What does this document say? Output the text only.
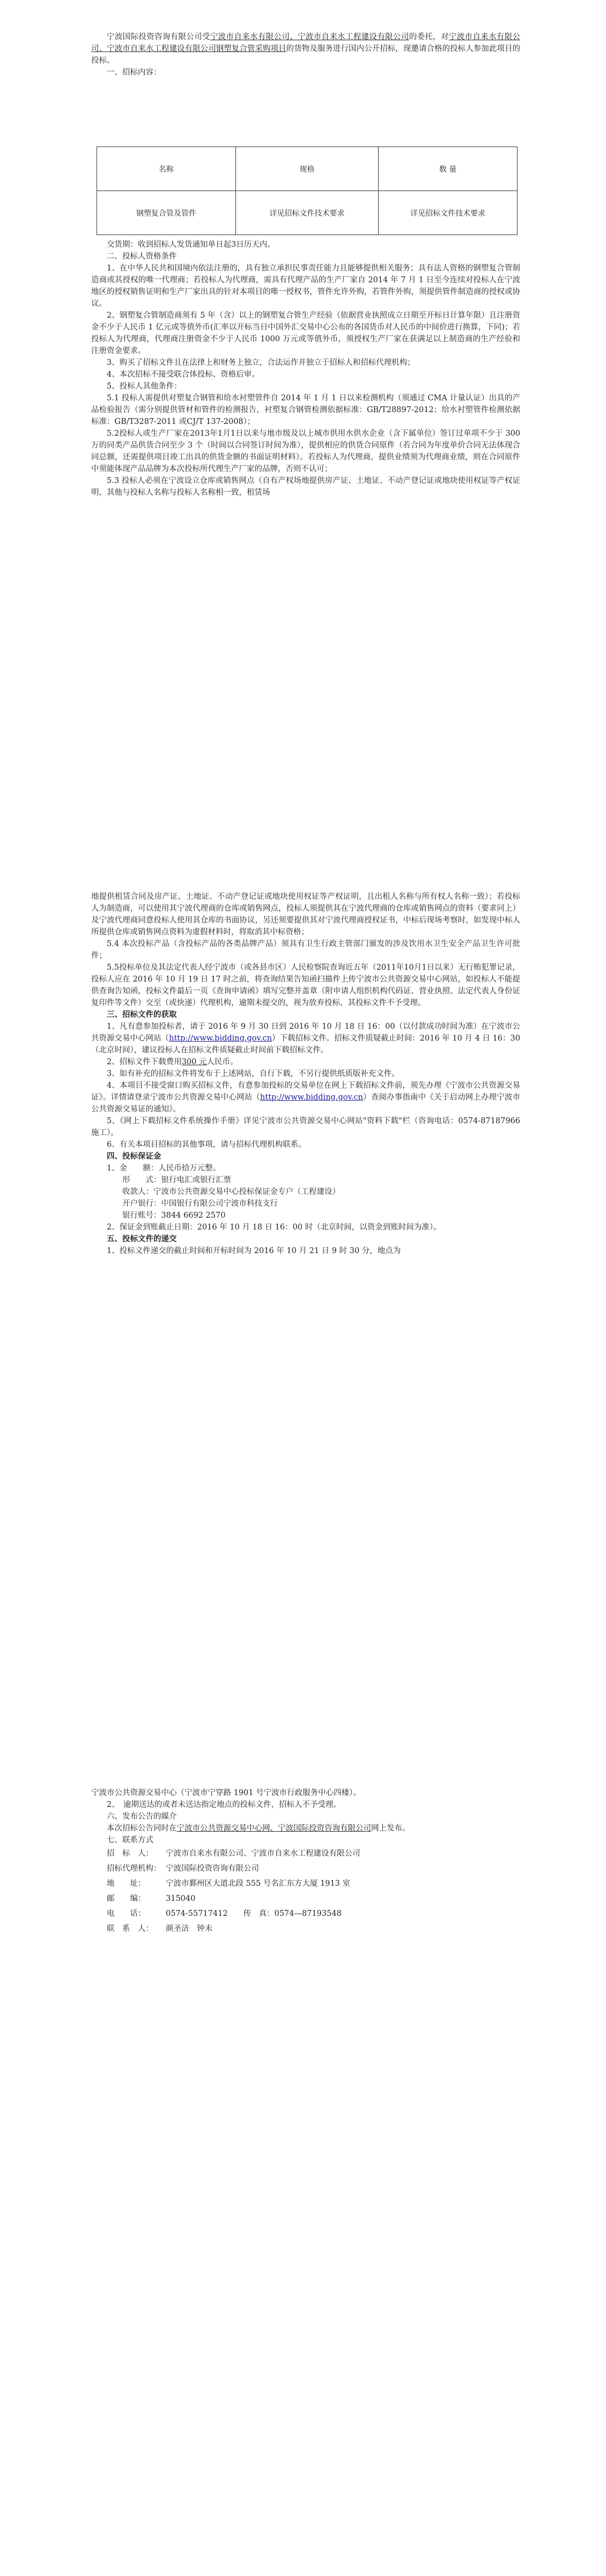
宁波国际投资咨询有限公司受宁波市自来水有限公司、宁波市自来水工程建设有限公司的委托，对宁波市自来水有限公司、宁波市自来水工程建设有限公司钢塑复合管采购项目的货物及服务进行国内公开招标，现邀请合格的投标人参加此项目的投标。

一、招标内容：

名称	规格	数 量
钢塑复合管及管件	详见招标文件技术要求	详见招标文件技术要求

交货期：收到招标人发货通知单日起3日历天内。

二、投标人资格条件

1、在中华人民共和国境内依法注册的，具有独立承担民事责任能力且能够提供相关服务；具有法人资格的钢塑复合管制造商或其授权的唯一代理商；若投标人为代理商，需具有代理产品的生产厂家自 2014 年 7 月 1 日至今连续对投标人在宁波地区的授权销售证明和生产厂家出具的针对本项目的唯一授权书，管件允许外购，若管件外购，须提供管件制造商的授权或协议。

2、钢塑复合管制造商须有 5 年（含）以上的钢塑复合管生产经验（依据营业执照成立日期至开标日计算年限）且注册资金不少于人民币 1 亿元或等值外币(汇率以开标当日中国外汇交易中心公布的各国货币对人民币的中间价进行换算，下同)；若投标人为代理商，代理商注册资金不少于人民币 1000 万元或等值外币，须授权生产厂家在获满足以上制造商的生产经验和注册资金要求。

3、购买了招标文件且在法律上和财务上独立，合法运作并独立于招标人和招标代理机构；

4、本次招标不接受联合体投标、资格后审。

5、投标人其他条件：

5.1 投标人需提供对塑复合钢管和给水衬塑管件自 2014 年 1 月 1 日以来检测机构（须通过 CMA 计量认证）出具的产品检验报告（需分别提供管材和管件的检测报告，衬塑复合钢管检测依据标准：GB/T28897-2012；给水衬塑管件检测依据标准：GB/T3287-2011 或CJ/T 137-2008）；

5.2投标人或生产厂家在2013年1月1日以来与地市级及以上城市供用水供水企业（含下属单位）签订过单项不少于 300 万的同类产品供货合同至少 3 个（时间以合同签订时间为准），提供相应的供货合同原件（若合同为年度单价合同无法体现合同总额，还需提供项目竣工出具的供货金额的书面证明材料）。若投标人为代理商，提供业绩须为代理商业绩，则在合同原件中须能体现产品品牌为本次投标所代理生产厂家的品牌，否则不认可；

5.3 投标人必须在宁波设立仓库或销售网点（自有产权场地提供房产证、土地证、不动产登记证或地块使用权证等产权证明，其他与投标人名称与投标人名称相一致，租赁场

地提供租赁合同及房产证、土地证、不动产登记证或地块使用权证等产权证明，且出租人名称与所有权人名称一致）；若投标人为制造商，可以使用其宁波代理商的仓库或销售网点，投标人须提供其在宁波代理商的仓库或销售网点的资料（要求同上）及宁波代理商同意投标人使用其仓库的书面协议，另还须要提供其对宁波代理商授权证书，中标后现场考察时，如发现中标人所提供仓库或销售网点资料为虚假材料时，将取消其中标资格；

5.4 本次投标产品（含投标产品的各类品牌产品）须具有卫生行政主管部门颁发的涉及饮用水卫生安全产品卫生许可批件；

5.5投标单位及其法定代表人经宁波市（或各县市区）人民检察院查询近五年（2011年10月1日以来）无行贿犯罪记录，投标人应在 2016 年 10 月 19 日 17 时之前，将查询结果告知函扫描件上传宁波市公共资源交易中心网站，如投标人不能提供查询告知函，投标文件最后一页《查询申请函》填写完整并盖章（附申请人组织机构代码证、营业执照、法定代表人身份证复印件等文件）交至（或快递）代理机构，逾期未提交的，视为放弃投标，其投标文件不予受理。

三、招标文件的获取

1、凡有意参加投标者，请于 2016 年 9 月 30 日到 2016 年 10 月 18 日 16：00（以付款成功时间为准）在宁波市公共资源交易中心网站（http://www.bidding.gov.cn）下载招标文件。招标文件质疑截止时间：2016 年 10 月 4 日 16：30（北京时间），建议投标人在招标文件质疑截止时间前下载招标文件。

2、招标文件下载费用300 元人民币。

3、如有补充的招标文件将发布于上述网站，自行下载，不另行提供纸质版补充文件。

4、本项目不接受窗口购买招标文件，有意参加投标的交易单位在网上下载招标文件前，须先办理《宁波市公共资源交易证》。详情请登录宁波市公共资源交易中心网站（http://www.bidding.gov.cn）查阅办事指南中《关于启动网上办理宁波市公共资源交易证的通知》。

5、《网上下载招标文件系统操作手册》详见宁波市公共资源交易中心网站"资料下载"栏（咨询电话：0574-87187966 施工）。

6、有关本项目招标的其他事项，请与招标代理机构联系。

四、投标保证金

1、金　　额：人民币拾万元整。

形　　式：银行电汇或银行汇票

收款人：宁波市公共资源交易中心投标保证金专户（工程建设）

开户银行：中国银行有限公司宁波市科技支行

银行账号：3844 6692 2570

2、保证金到账截止日期：2016 年 10 月 18 日 16：00 时（北京时间，以资金到账时间为准）。

五、投标文件的递交

1、投标文件递交的截止时间和开标时间为 2016 年 10 月 21 日 9 时 30 分，地点为

宁波市公共资源交易中心（宁波市宁穿路 1901 号宁波市行政服务中心四楼）。

2、　逾期送达的或者未送达指定地点的投标文件，招标人不予受理。

六、发布公告的媒介

本次招标公告同时在宁波市公共资源交易中心网、宁波国际投资咨询有限公司网上发布。

七、联系方式

招　标　人： 宁波市自来水有限公司、宁波市自来水工程建设有限公司

招标代理机构： 宁波国际投资咨询有限公司

地　　址：	宁波市鄞州区大道北段 555 号名汇东方大厦 1913 室

邮　　编：	315040

电　　话：	0574-55717412　　传　真：0574—87193548

联　系　人： 颜圣洁　钟未
